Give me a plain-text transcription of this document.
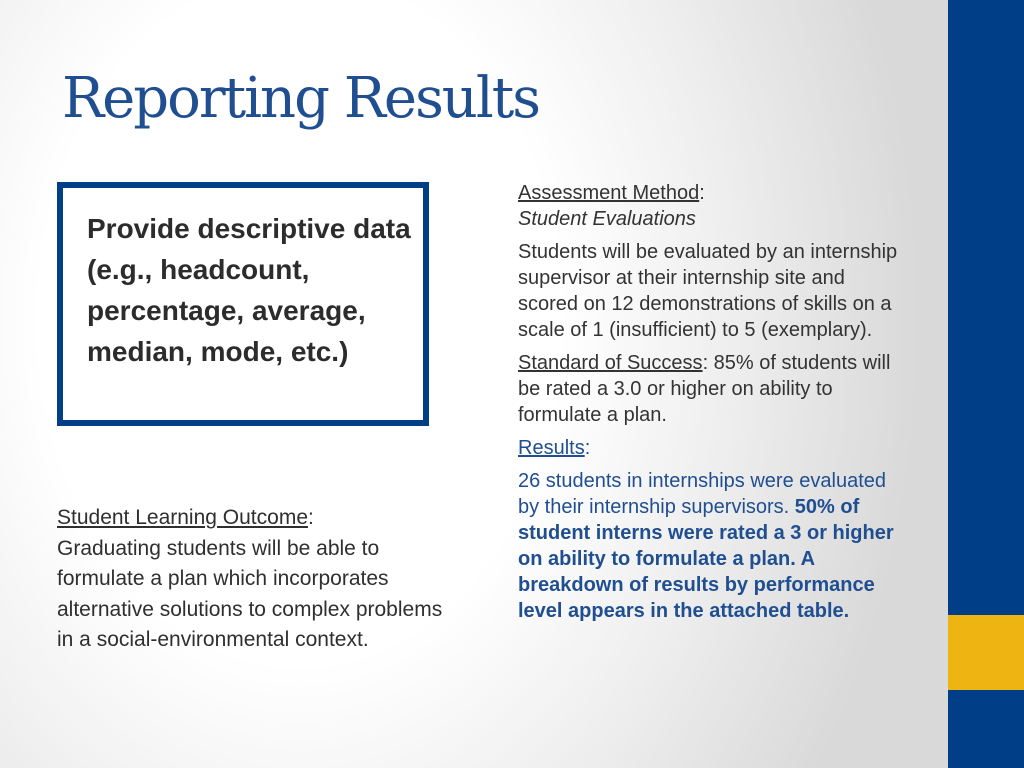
Reporting Results

Provide descriptive data (e.g., headcount, percentage, average, median, mode, etc.)

Student Learning Outcome:
Graduating students will be able to formulate a plan which incorporates alternative solutions to complex problems in a social-environmental context.

Assessment Method:

Student Evaluations

Students will be evaluated by an internship supervisor at their internship site and scored on 12 demonstrations of skills on a scale of 1 (insufficient) to 5 (exemplary).

Standard of Success: 85% of students will be rated a 3.0 or higher on ability to formulate a plan.

Results:

26 students in internships were evaluated by their internship supervisors. 50% of student interns were rated a 3 or higher on ability to formulate a plan. A breakdown of results by performance level appears in the attached table.
